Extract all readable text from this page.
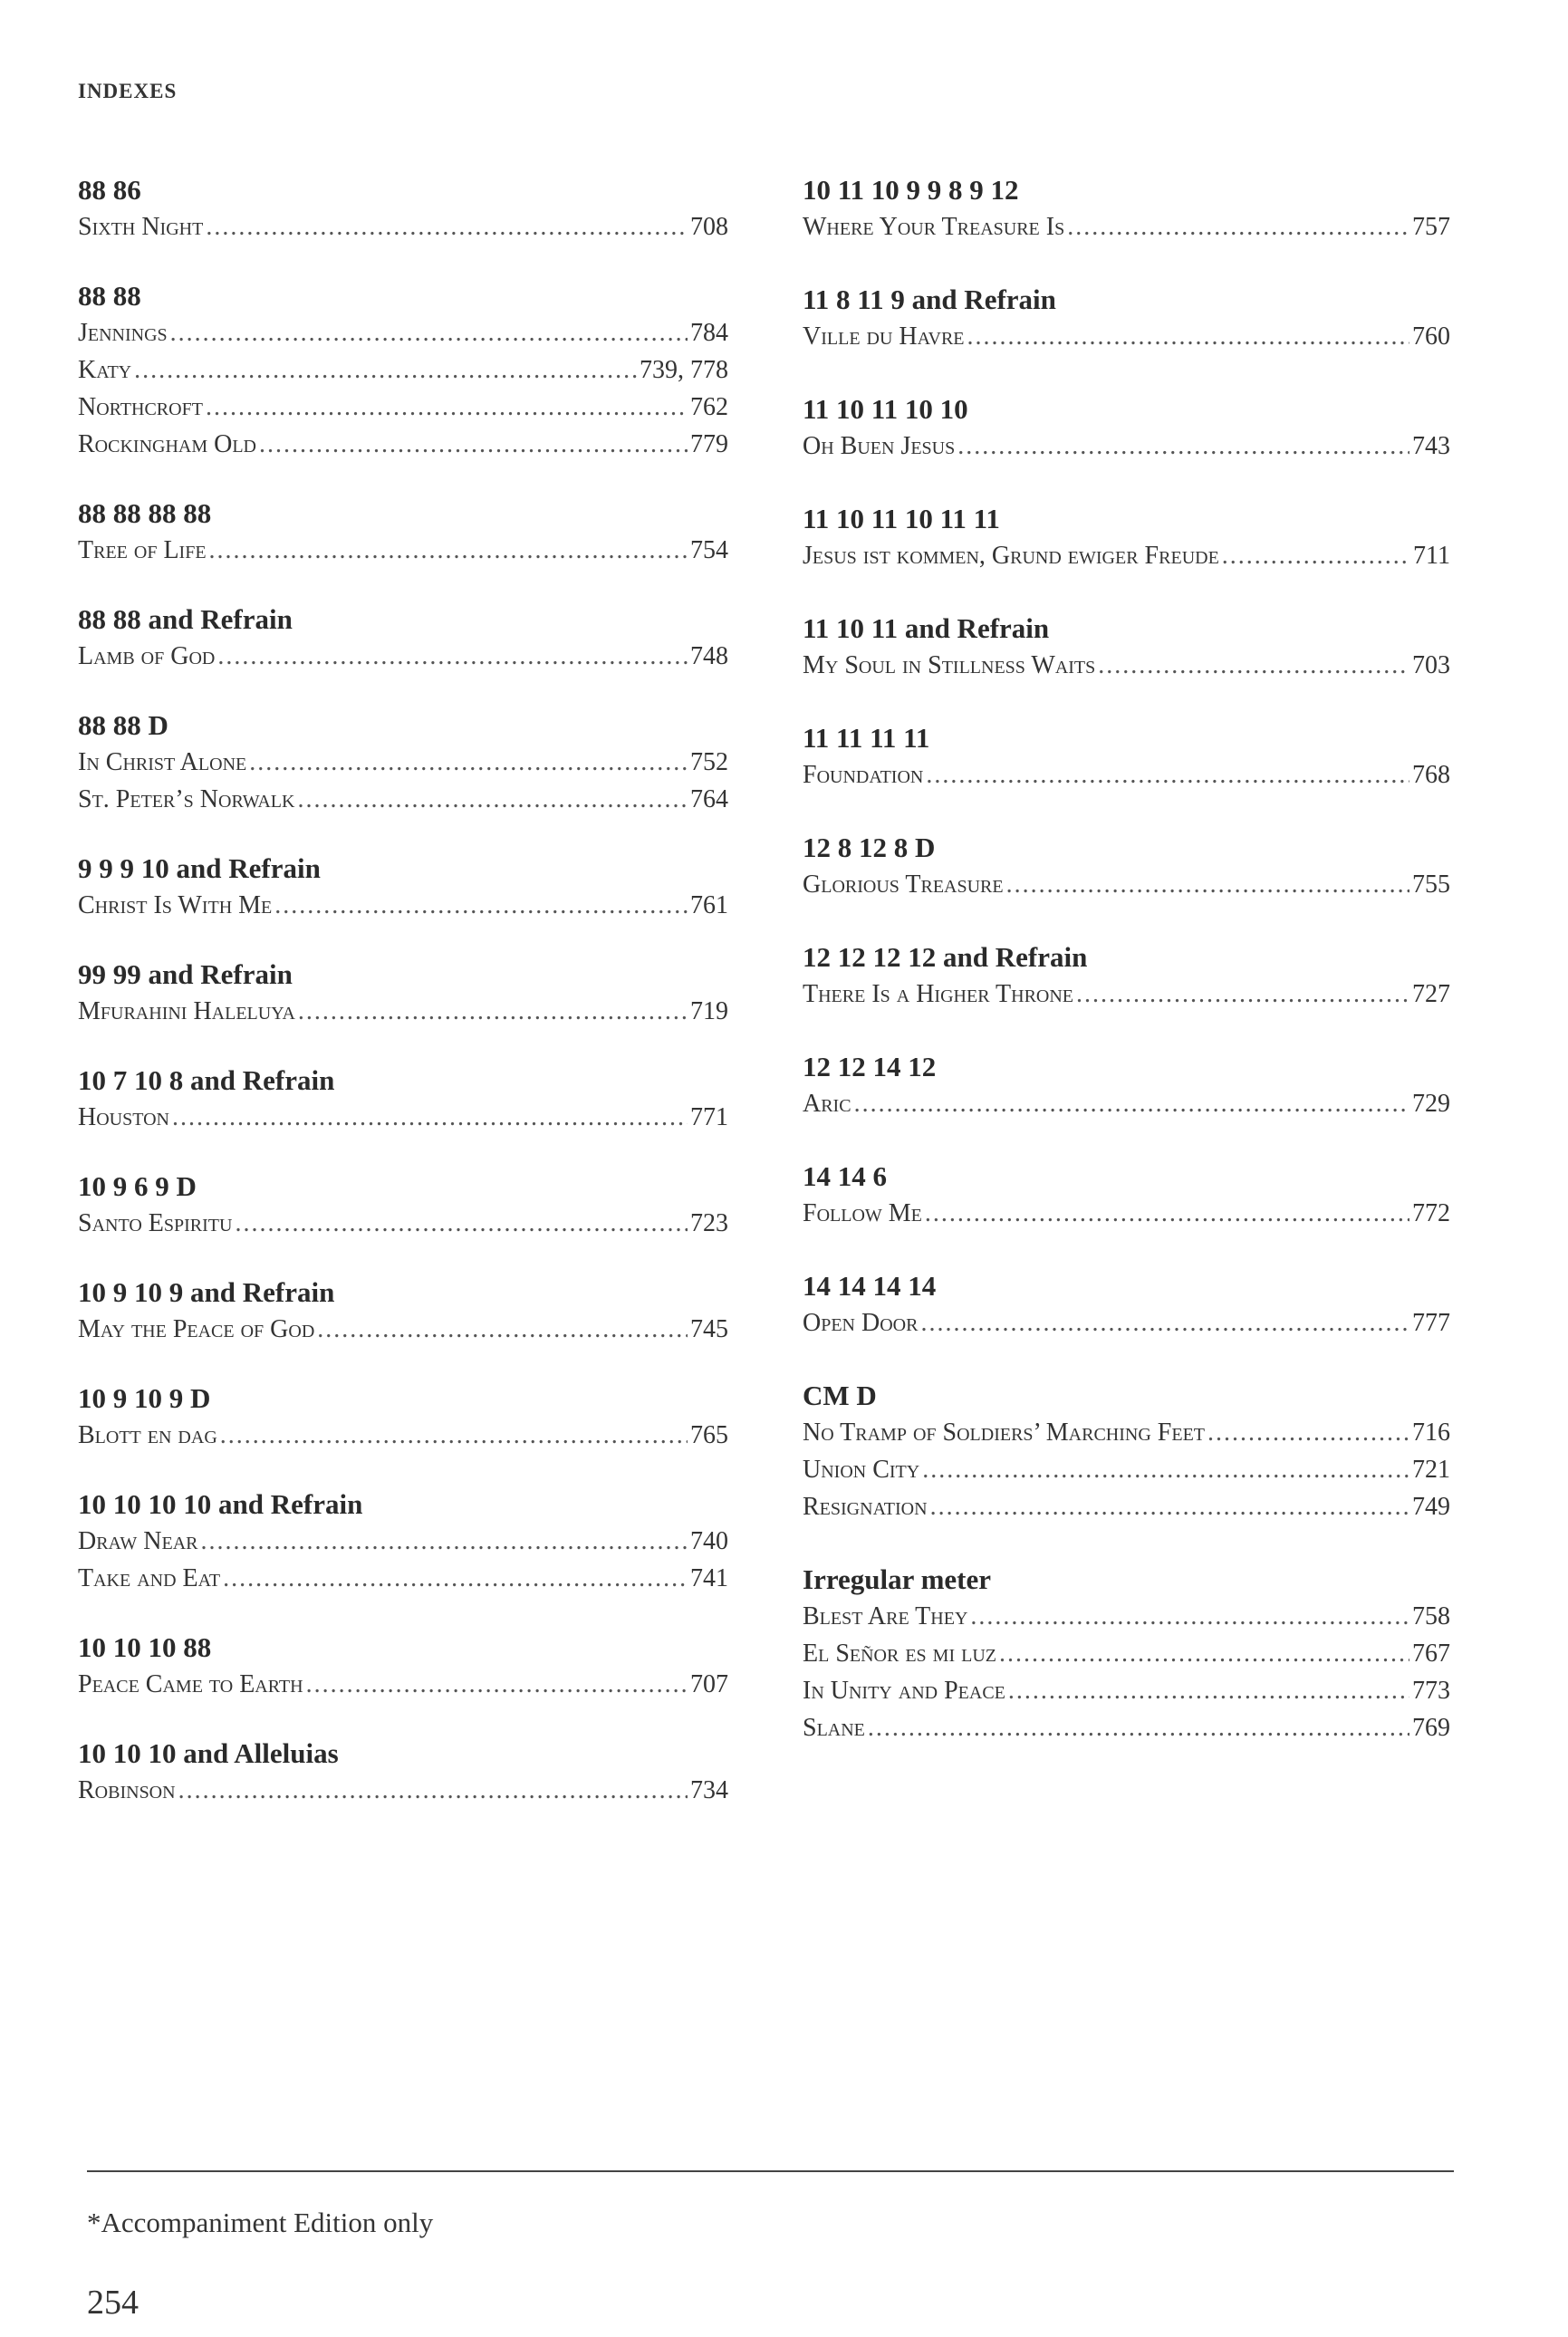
INDEXES
88 86
Sixth Night .....	708
88 88
Jennings .....	784
Katy .....	739, 778
Northcroft .....	762
Rockingham Old .....	779
88 88 88 88
Tree of Life .....	754
88 88 and Refrain
Lamb of God .....	748
88 88 D
In Christ Alone .....	752
St. Peter’s Norwalk .....	764
9 9 9 10 and Refrain
Christ Is With Me .....	761
99 99 and Refrain
Mfurahini Haleluya .....	719
10 7 10 8 and Refrain
Houston .....	771
10 9 6 9 D
Santo Espiritu .....	723
10 9 10 9 and Refrain
May the Peace of God .....	745
10 9 10 9 D
Blott en dag .....	765
10 10 10 10 and Refrain
Draw Near .....	740
Take and Eat .....	741
10 10 10 88
Peace Came to Earth .....	707
10 10 10 and Alleluias
Robinson .....	734
10 11 10 9 9 8 9 12
Where Your Treasure Is .....	757
11 8 11 9 and Refrain
Ville du Havre .....	760
11 10 11 10 10
Oh Buen Jesus .....	743
11 10 11 10 11 11
Jesus ist kommen, Grund ewiger Freude .....	711
11 10 11 and Refrain
My Soul in Stillness Waits .....	703
11 11 11 11
Foundation .....	768
12 8 12 8 D
Glorious Treasure .....	755
12 12 12 12 and Refrain
There Is a Higher Throne .....	727
12 12 14 12
Aric .....	729
14 14 6
Follow Me .....	772
14 14 14 14
Open Door .....	777
CM D
No Tramp of Soldiers’ Marching Feet .....	716
Union City .....	721
Resignation .....	749
Irregular meter
Blest Are They .....	758
El Señor es mi luz .....	767
In Unity and Peace .....	773
Slane .....	769
*Accompaniment Edition only
254
